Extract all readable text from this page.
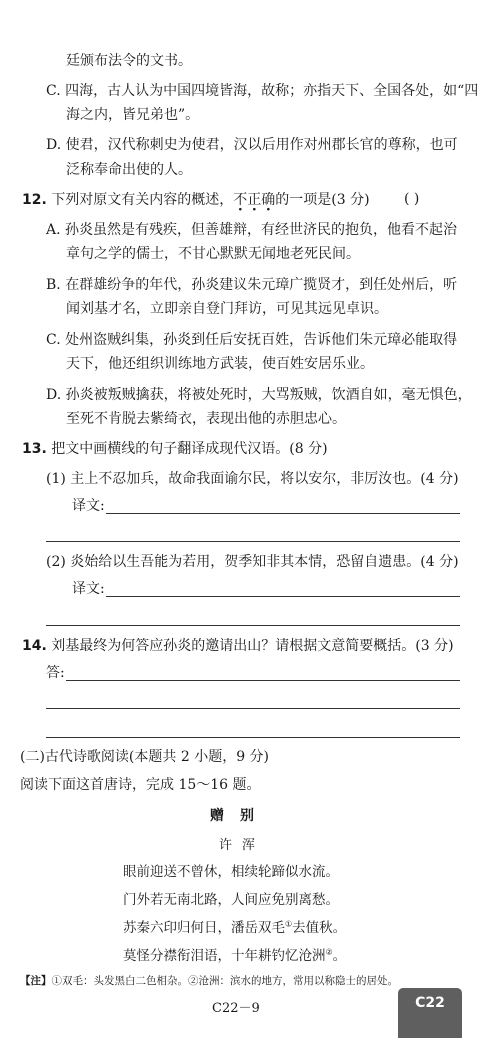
廷颁布法令的文书。
C. 四海，古人认为中国四境皆海，故称；亦指天下、全国各处，如“四
海之内，皆兄弟也”。
D. 使君，汉代称刺史为使君，汉以后用作对州郡长官的尊称，也可
泛称奉命出使的人。
12. 下列对原文有关内容的概述，不正确的一项是(3 分) ( )
A. 孙炎虽然是有残疾，但善雄辩，有经世济民的抱负，他看不起治
章句之学的儒士，不甘心默默无闻地老死民间。
B. 在群雄纷争的年代，孙炎建议朱元璋广揽贤才，到任处州后，听
闻刘基才名，立即亲自登门拜访，可见其远见卓识。
C. 处州盗贼纠集，孙炎到任后安抚百姓，告诉他们朱元璋必能取得
天下，他还组织训练地方武装，使百姓安居乐业。
D. 孙炎被叛贼擒获，将被处死时，大骂叛贼，饮酒自如，毫无惧色，
至死不肯脱去紫绮衣，表现出他的赤胆忠心。
13. 把文中画横线的句子翻译成现代汉语。(8 分)
(1) 主上不忍加兵，故命我面谕尔民，将以安尔，非厉汝也。(4 分)
译文:
(2) 炎始给以生吾能为若用，贺季知非其本情，恐留自遗患。(4 分)
译文:
14. 刘基最终为何答应孙炎的邀请出山？请根据文意简要概括。(3 分)
答:
(二)古代诗歌阅读(本题共 2 小题，9 分)
阅读下面这首唐诗，完成 15～16 题。
赠别
许浑
眼前迎送不曾休，相续轮蹄似水流。
门外若无南北路，人间应免别离愁。
苏秦六印归何日，潘岳双毛①去值秋。
莫怪分襟衔泪语，十年耕钓忆沧洲②。
【注】①双毛：头发黑白二色相杂。②沧洲：滨水的地方，常用以称隐士的居处。
C22－9	C22
